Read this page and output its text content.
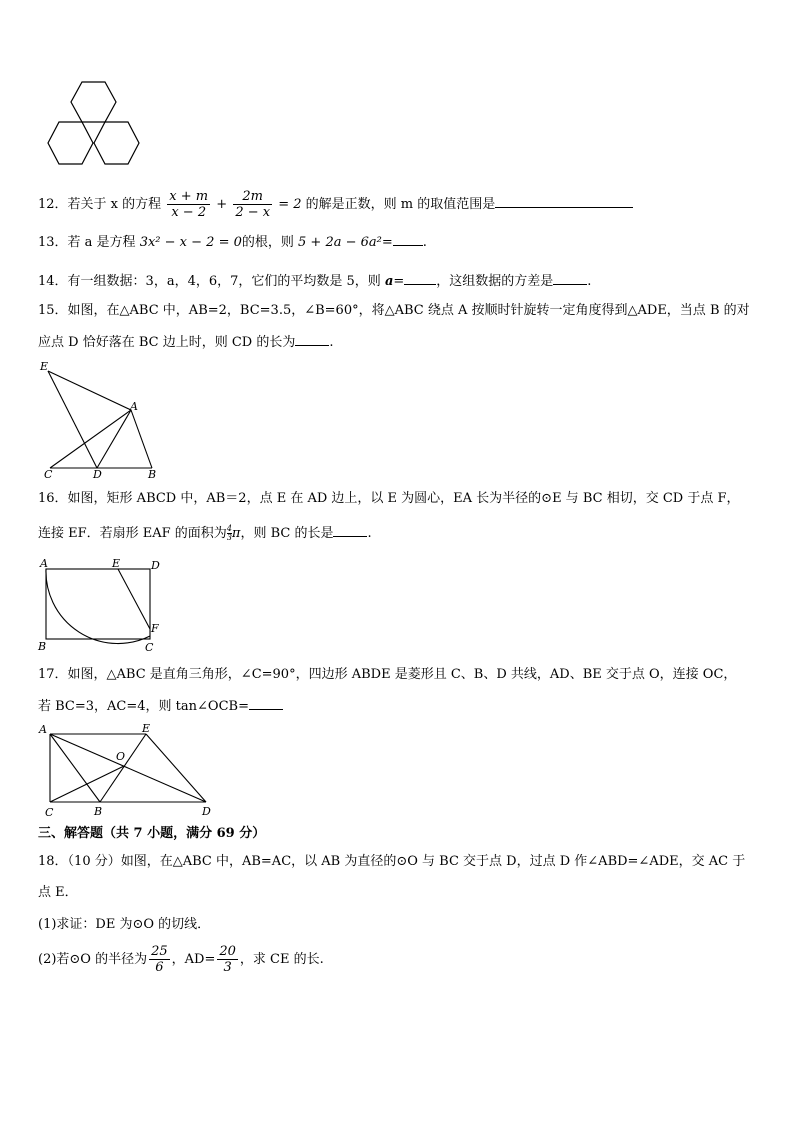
12．若关于 x 的方程 $\frac{x + m}{x - 2} + \frac{2m}{2 - x} = 2$ 的解是正数，则 m 的取值范围是
13．若 a 是方程 3x² − x − 2 = 0的根，则 5 + 2a − 6a²= .
14．有一组数据：3，a，4，6，7，它们的平均数是 5，则 a= ，这组数据的方差是	.
15．如图，在△ABC 中，AB=2，BC=3.5，∠B=60°，将△ABC 绕点 A 按顺时针旋转一定角度得到△ADE，当点 B 的对
应点 D 恰好落在 BC 边上时，则 CD 的长为	.
E
A
C	D	B
16．如图，矩形 ABCD 中，AB＝2，点 E 在 AD 边上，以 E 为圆心，EA 长为半径的⊙E 与 BC 相切，交 CD 于点 F，
连接 EF．若扇形 EAF 的面积为 $\frac{4}{3}$ π，则 BC 的长是	.
A	E	D
B	C
F
17．如图，△ABC 是直角三角形，∠C=90°，四边形 ABDE 是菱形且 C、B、D 共线，AD、BE 交于点 O，连接 OC，
若 BC=3，AC=4，则 tan∠OCB=
A	E
O
C	B	D
三、解答题（共 7 小题，满分 69 分）
18．（10 分）如图，在△ABC 中，AB=AC，以 AB 为直径的⊙O 与 BC 交于点 D，过点 D 作∠ABD=∠ADE，交 AC 于
点 E．
(1)求证：DE 为⊙O 的切线．
(2)若⊙O 的半径为 $\frac{25}{6}$ ，$AD= \frac{20}{3}$ ，求 CE 的长.
